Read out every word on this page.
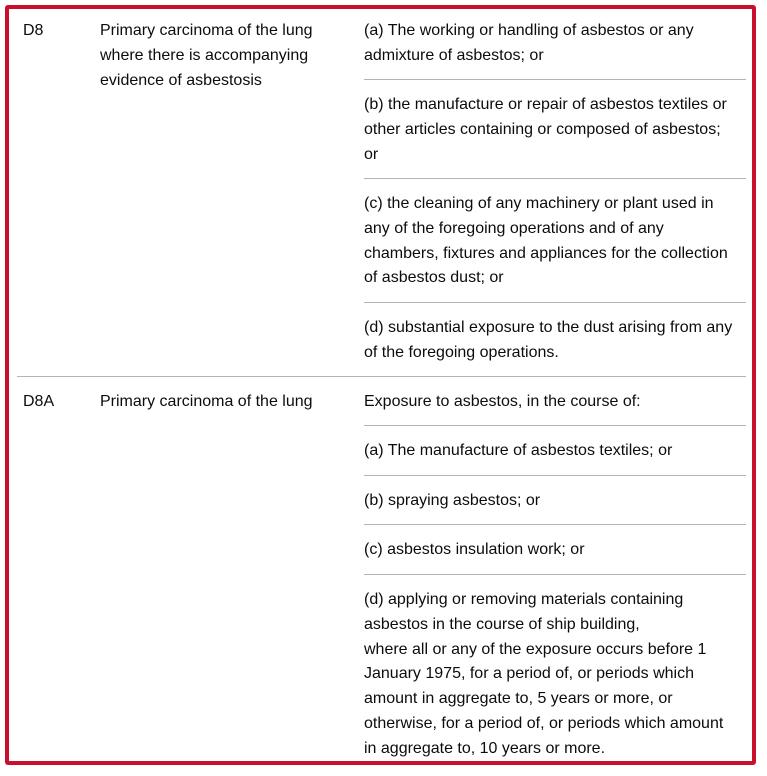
D8	Primary carcinoma of the lung where there is accompanying evidence of asbestosis
(a) The working or handling of asbestos or any admixture of asbestos; or
(b) the manufacture or repair of asbestos textiles or other articles containing or composed of asbestos; or
(c) the cleaning of any machinery or plant used in any of the foregoing operations and of any chambers, fixtures and appliances for the collection of asbestos dust; or
(d) substantial exposure to the dust arising from any of the foregoing operations.
D8A	Primary carcinoma of the lung	Exposure to asbestos, in the course of:
(a) The manufacture of asbestos textiles; or
(b) spraying asbestos; or
(c) asbestos insulation work; or
(d) applying or removing materials containing asbestos in the course of ship building,
where all or any of the exposure occurs before 1 January 1975, for a period of, or periods which amount in aggregate to, 5 years or more, or otherwise, for a period of, or periods which amount in aggregate to, 10 years or more.
